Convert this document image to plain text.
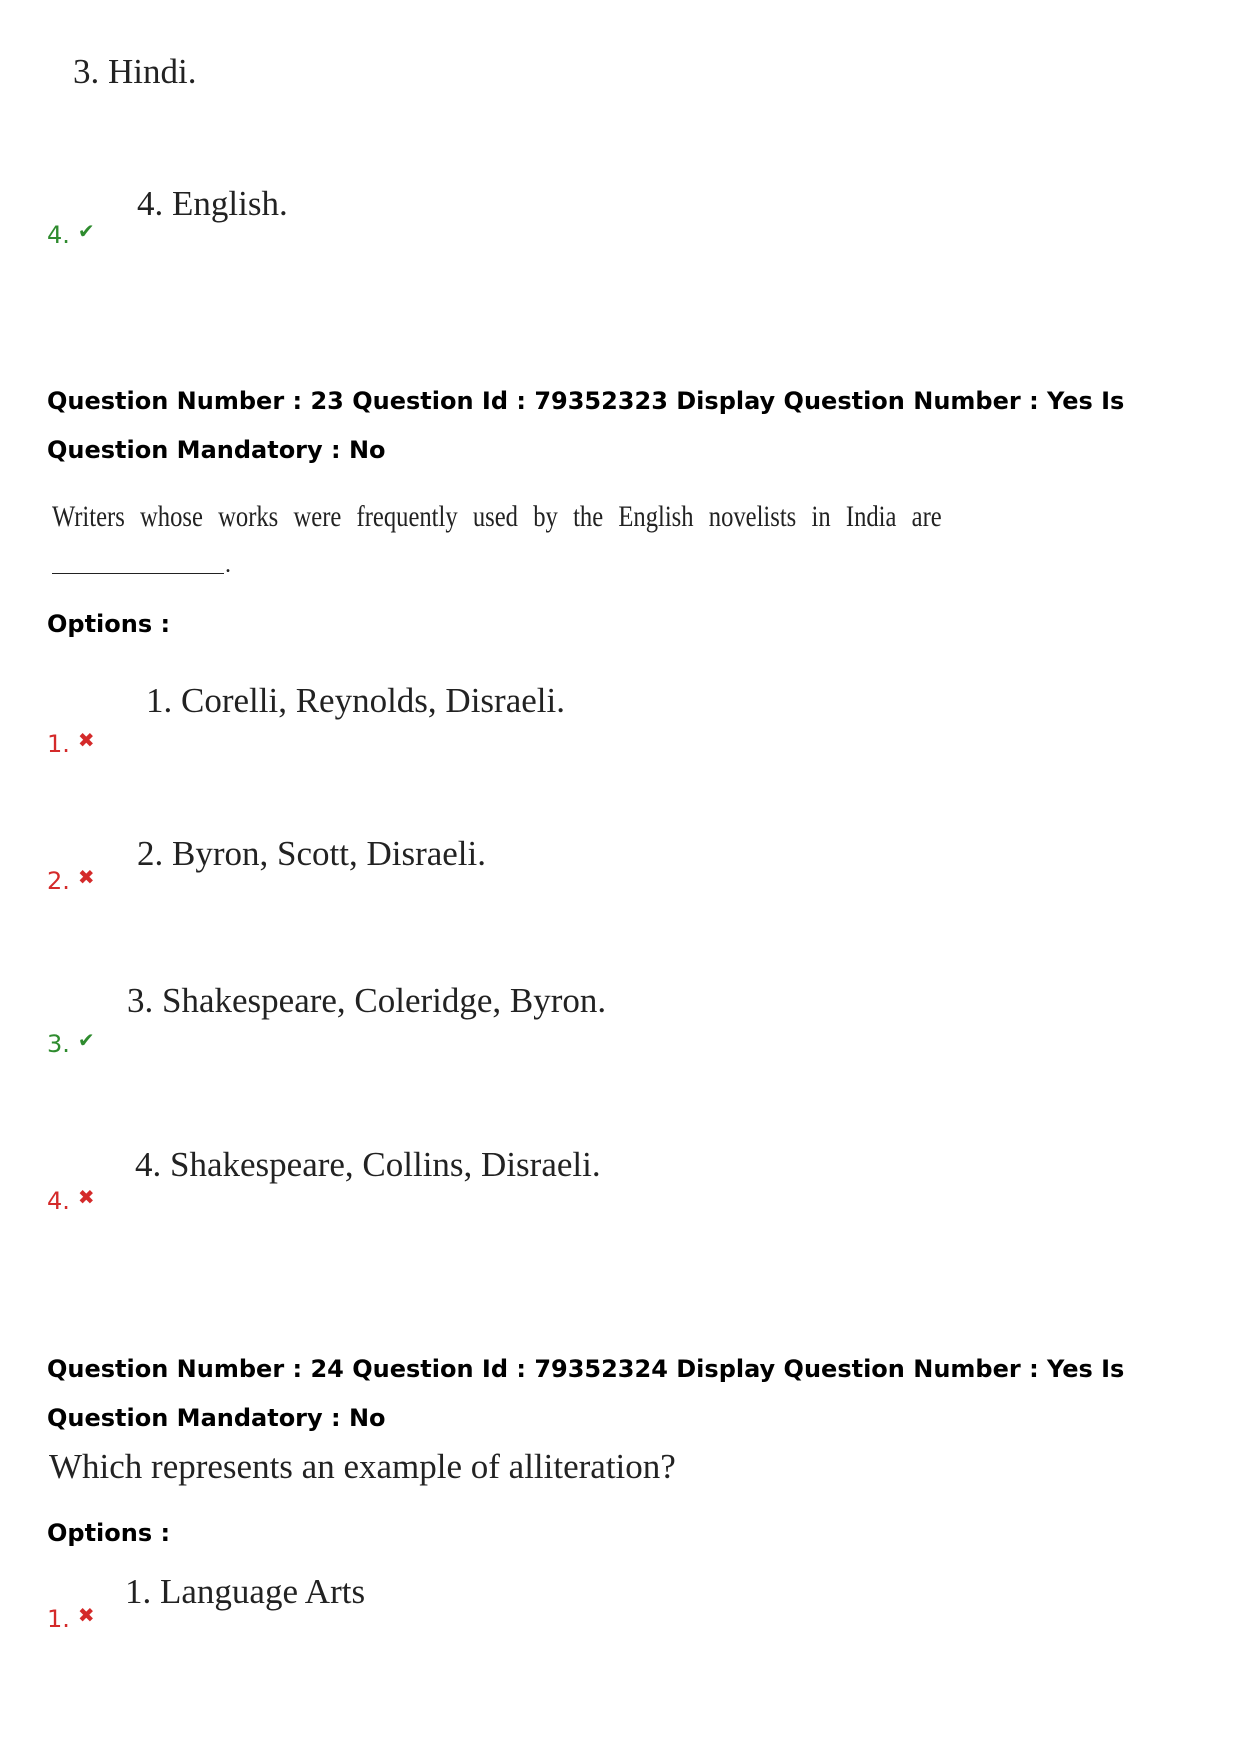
3. Hindi.
4. ✔
4. English.
Question Number : 23 Question Id : 79352323 Display Question Number : Yes Is Question Mandatory : No
Writers whose works were frequently used by the English novelists in India are
.
Options :
1. ✖
1. Corelli, Reynolds, Disraeli.
2. ✖
2. Byron, Scott, Disraeli.
3. ✔
3. Shakespeare, Coleridge, Byron.
4. ✖
4. Shakespeare, Collins, Disraeli.
Question Number : 24 Question Id : 79352324 Display Question Number : Yes Is Question Mandatory : No
Which represents an example of alliteration?
Options :
1. ✖
1. Language Arts
